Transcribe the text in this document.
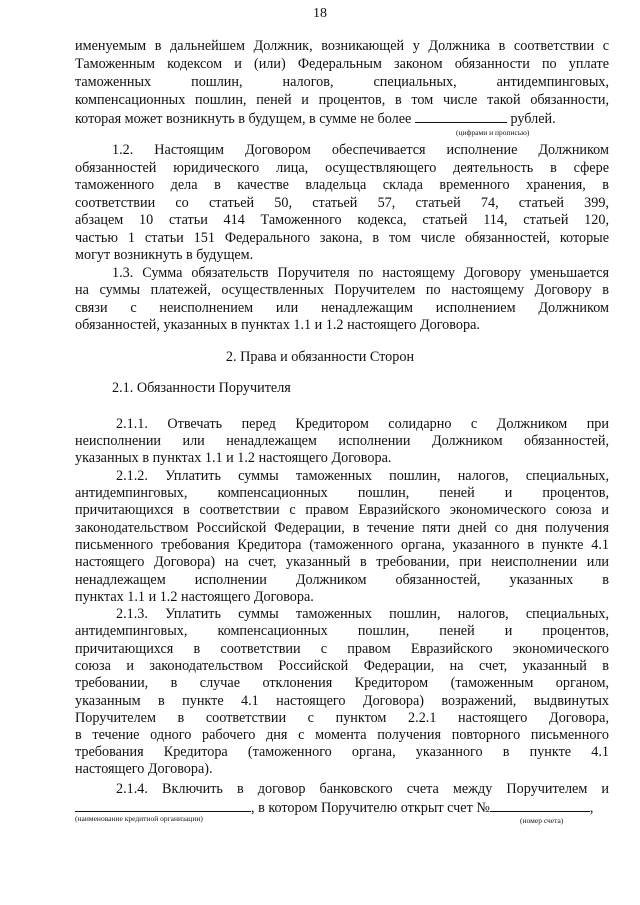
18
именуемым в дальнейшем Должник, возникающей у Должника в соответствии с
Таможенным кодексом и (или) Федеральным законом обязанности по уплате
таможенных пошлин, налогов, специальных, антидемпинговых,
компенсационных пошлин, пеней и процентов, в том числе такой обязанности,
которая может возникнуть в будущем, в сумме не более	рублей.
(цифрами и прописью)
1.2. Настоящим Договором обеспечивается исполнение Должником
обязанностей юридического лица, осуществляющего деятельность в сфере
таможенного дела в качестве владельца склада временного хранения, в
соответствии со статьей 50, статьей 57, статьей 74, статьей 399,
абзацем 10 статьи 414 Таможенного кодекса, статьей 114, статьей 120,
частью 1 статьи 151 Федерального закона, в том числе обязанностей, которые
могут возникнуть в будущем.
1.3. Сумма обязательств Поручителя по настоящему Договору уменьшается
на суммы платежей, осуществленных Поручителем по настоящему Договору в
связи с неисполнением или ненадлежащим исполнением Должником
обязанностей, указанных в пунктах 1.1 и 1.2 настоящего Договора.
2. Права и обязанности Сторон
2.1. Обязанности Поручителя
2.1.1. Отвечать перед Кредитором солидарно с Должником при
неисполнении или ненадлежащем исполнении Должником обязанностей,
указанных в пунктах 1.1 и 1.2 настоящего Договора.
2.1.2. Уплатить суммы таможенных пошлин, налогов, специальных,
антидемпинговых, компенсационных пошлин, пеней и процентов,
причитающихся в соответствии с правом Евразийского экономического союза и
законодательством Российской Федерации, в течение пяти дней со дня получения
письменного требования Кредитора (таможенного органа, указанного в пункте 4.1
настоящего Договора) на счет, указанный в требовании, при неисполнении или
ненадлежащем исполнении Должником обязанностей, указанных в
пунктах 1.1 и 1.2 настоящего Договора.
2.1.3. Уплатить суммы таможенных пошлин, налогов, специальных,
антидемпинговых, компенсационных пошлин, пеней и процентов,
причитающихся в соответствии с правом Евразийского экономического
союза и законодательством Российской Федерации, на счет, указанный в
требовании, в случае отклонения Кредитором (таможенным органом,
указанным в пункте 4.1 настоящего Договора) возражений, выдвинутых
Поручителем в соответствии с пунктом 2.2.1 настоящего Договора,
в течение одного рабочего дня с момента получения повторного письменного
требования Кредитора (таможенного органа, указанного в пункте 4.1
настоящего Договора).
2.1.4. Включить в договор банковского счета между Поручителем и
, в котором Поручителю открыт счет №	,
(наименование кредитной организации)	(номер счета)
